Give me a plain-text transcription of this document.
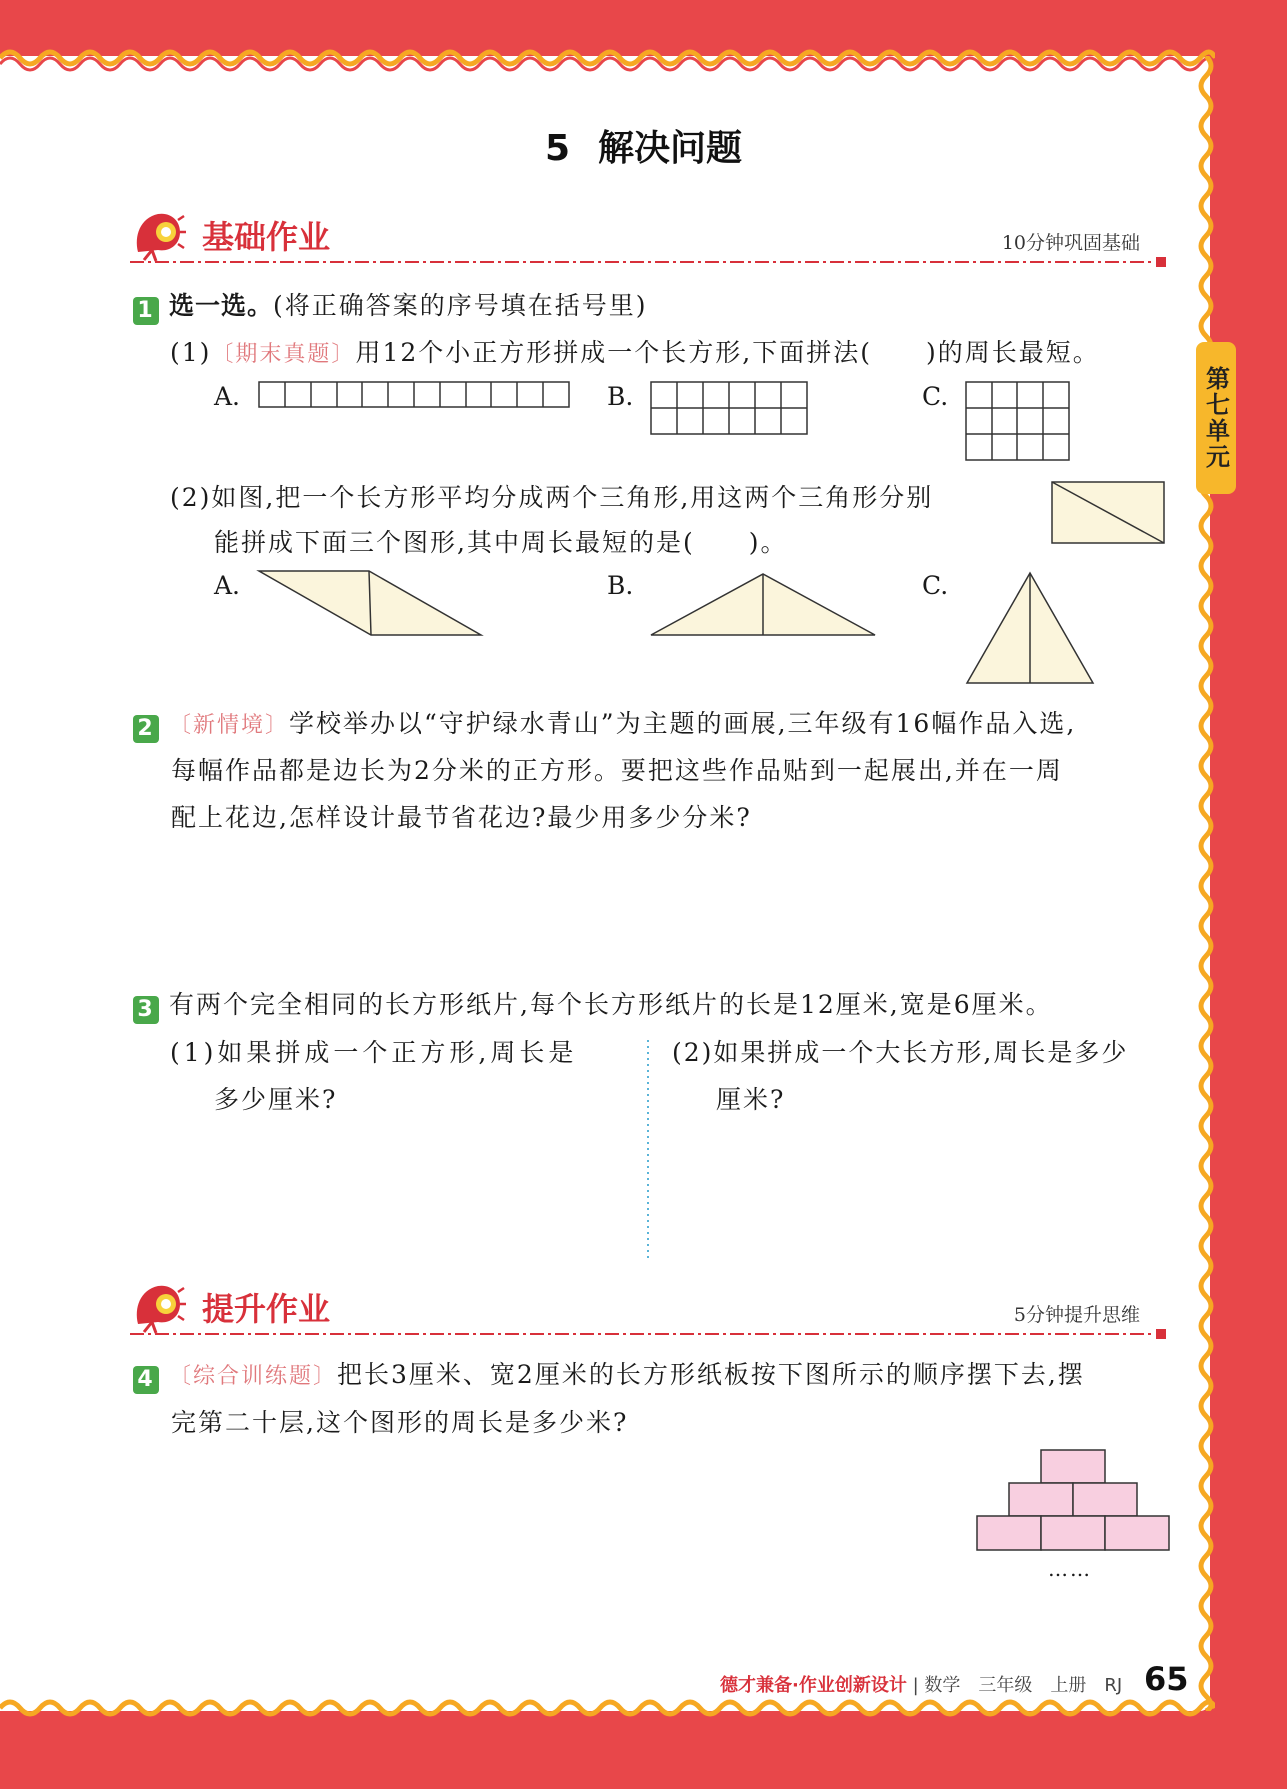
第七单元
5 解决问题
基础作业	10分钟巩固基础
1 选一选。(将正确答案的序号填在括号里)
(1)〔期末真题〕用12个小正方形拼成一个长方形,下面拼法(　　)的周长最短。
A.	B.	C.
(2)如图,把一个长方形平均分成两个三角形,用这两个三角形分别
能拼成下面三个图形,其中周长最短的是(　　)。
A.	B.	C.
2 〔新情境〕学校举办以“守护绿水青山”为主题的画展,三年级有16幅作品入选,
每幅作品都是边长为2分米的正方形。要把这些作品贴到一起展出,并在一周
配上花边,怎样设计最节省花边?最少用多少分米?
3 有两个完全相同的长方形纸片,每个长方形纸片的长是12厘米,宽是6厘米。
(1)如果拼成一个正方形,周长是
多少厘米?
(2)如果拼成一个大长方形,周长是多少
厘米?
提升作业	5分钟提升思维
4 〔综合训练题〕把长3厘米、宽2厘米的长方形纸板按下图所示的顺序摆下去,摆
完第二十层,这个图形的周长是多少米?
……
德才兼备·作业创新设计 | 数学　三年级　上册　RJ 65
